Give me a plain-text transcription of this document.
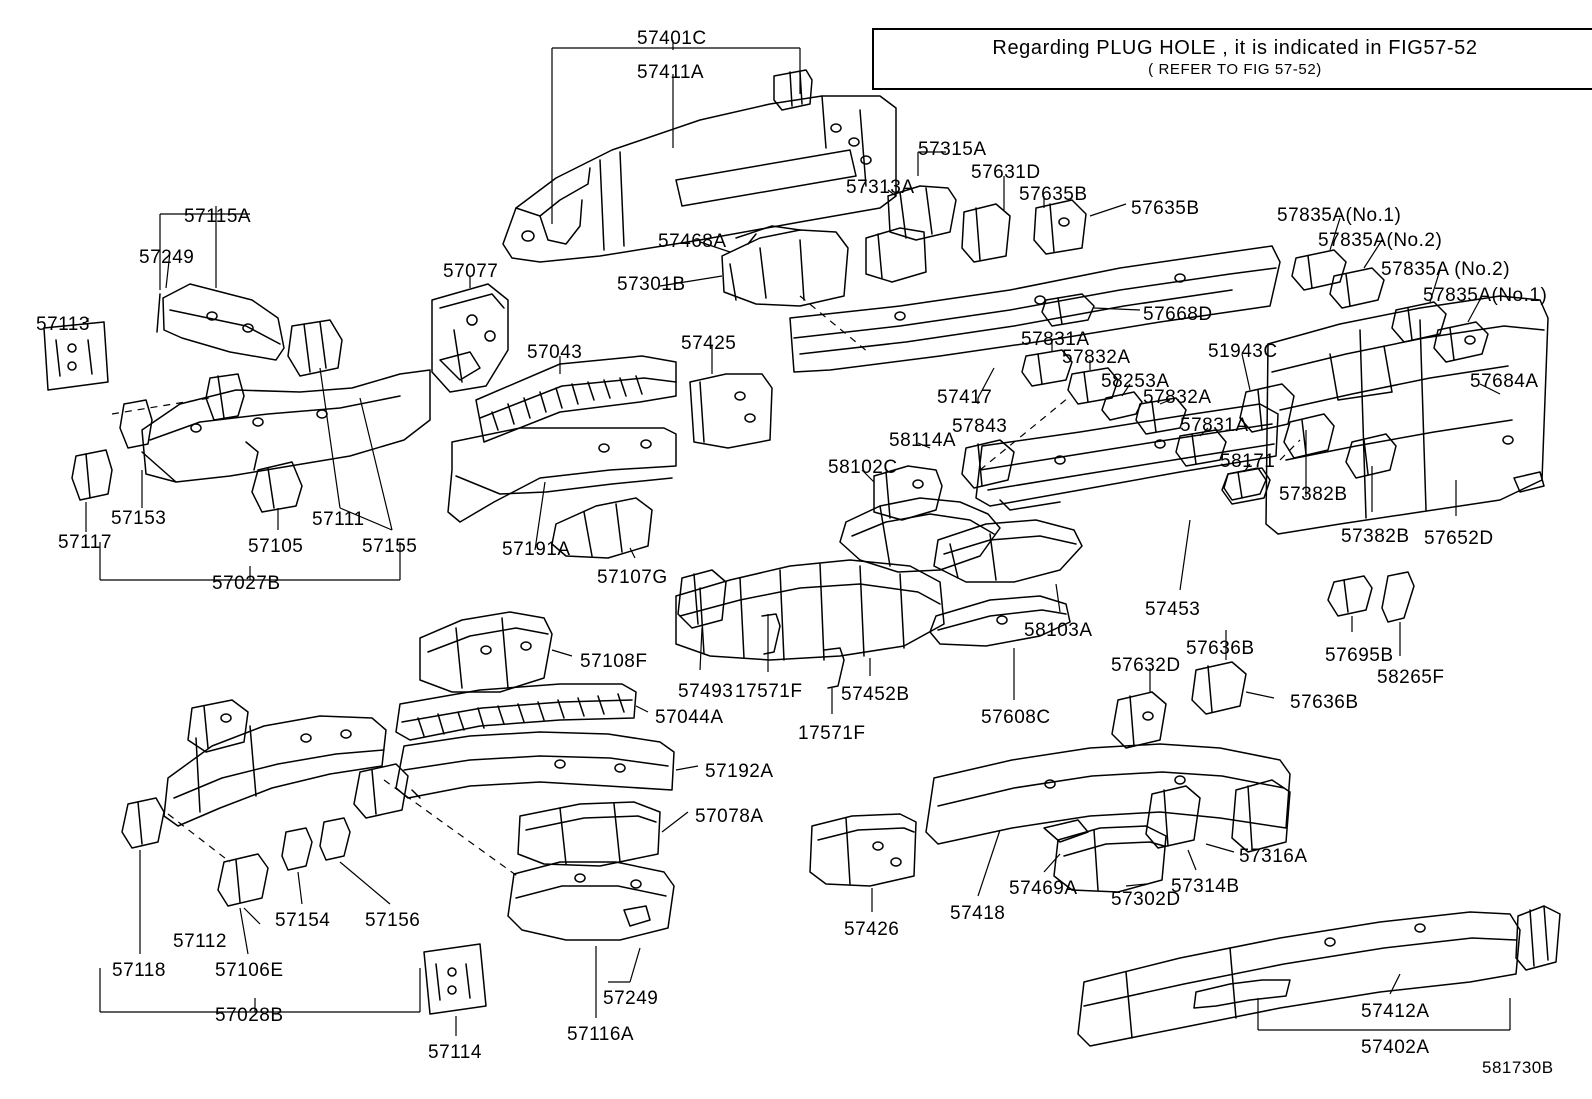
Regarding PLUG HOLE , it is indicated in FIG57-52
( REFER TO FIG 57-52)
57401C
57411A
57315A
57631D
57313A	57635B
57635B	57835A(No.1)
57835A(No.2)
57835A (No.2)
57835A(No.1)
57115A
57249
57468A
57077
57301B
57668D
57113
57043	57425	57831A
57832A	51943C
57684A
58253A
57417	57832A
57843	57831A
58114A
58171
58102C
57382B
57153	57111
57117	57105	57155	57191A
57382B 57652D
57027B	57107G
57453
58103A
57695B
58265F
57636B
57108F
57493
57632D
57636B
17571F 57452B
57608C
57044A
17571F
57192A
57078A
57316A
57469A	57314B
57426
57418
57302D
57112
57154 57156
57118	57106E
57249
57028B
57116A
57114
57412A
57402A
581730B
